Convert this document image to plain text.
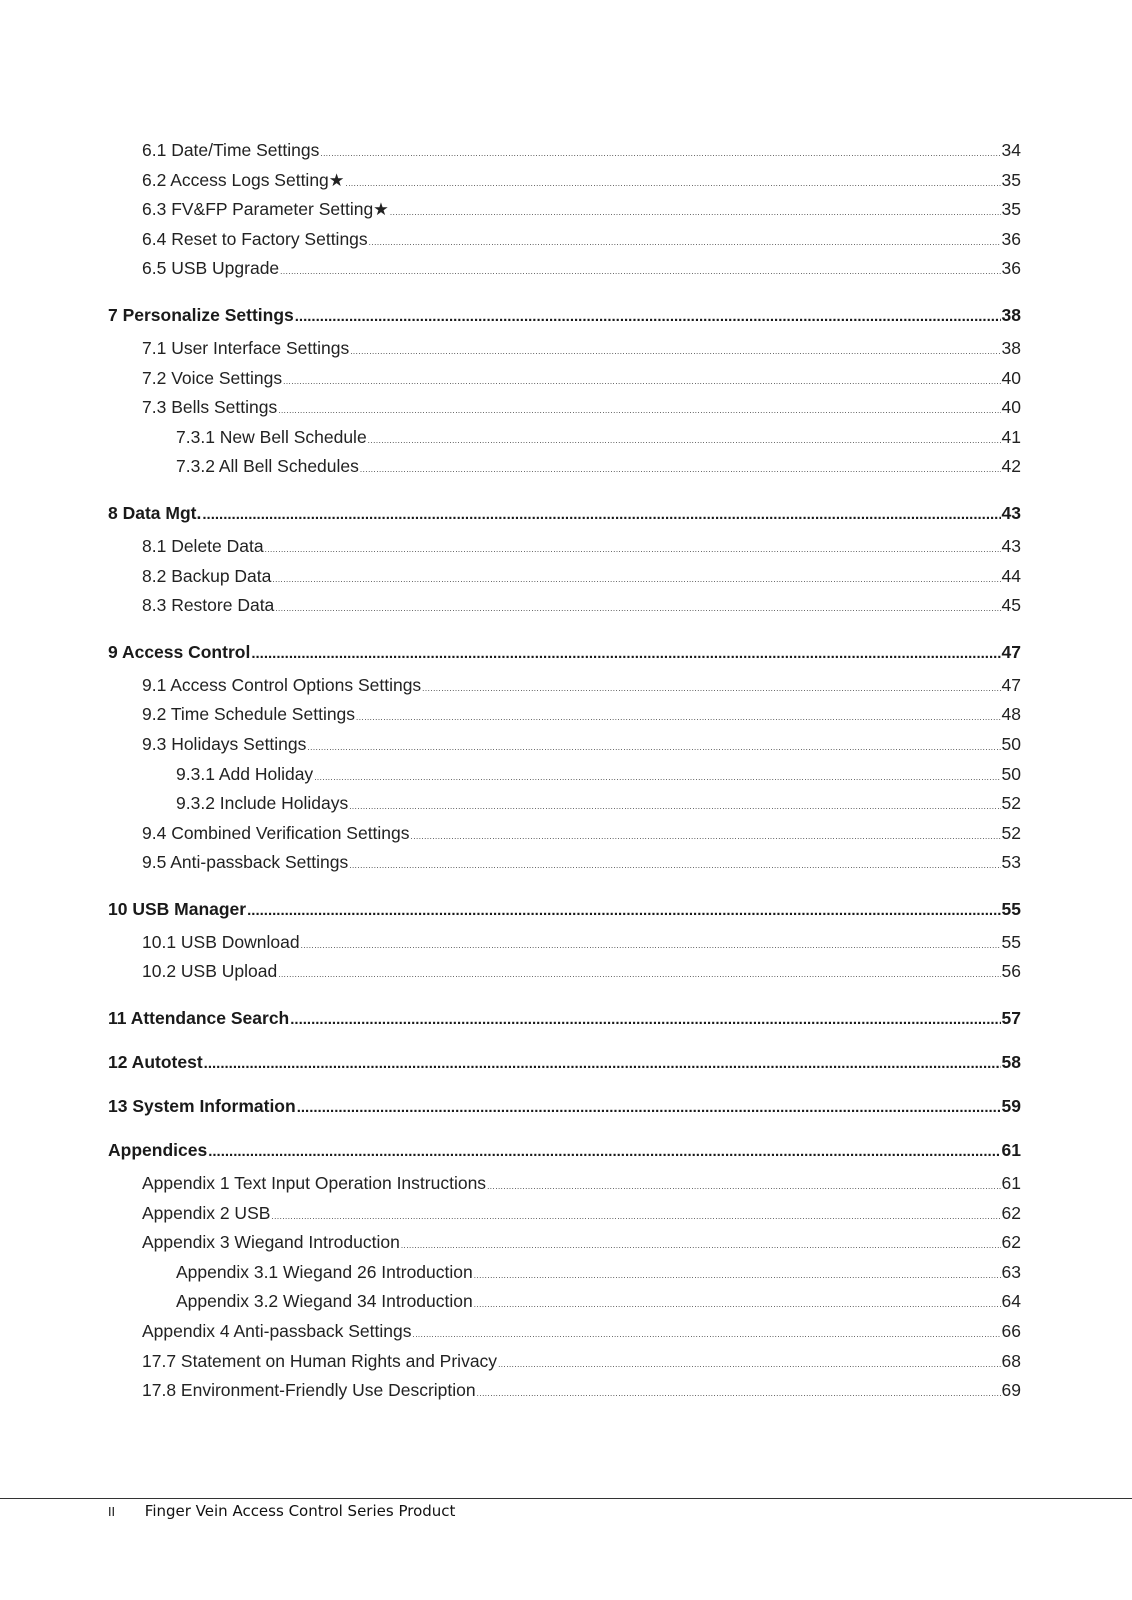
6.1 Date/Time Settings .....	34
6.2 Access Logs Setting★ .....	35
6.3 FV&FP Parameter Setting★ .....	35
6.4 Reset to Factory Settings .....	36
6.5 USB Upgrade .....	36
7 Personalize Settings .....	38
7.1 User Interface Settings .....	38
7.2 Voice Settings .....	40
7.3 Bells Settings .....	40
7.3.1 New Bell Schedule .....	41
7.3.2 All Bell Schedules .....	42
8 Data Mgt. .....	43
8.1 Delete Data .....	43
8.2 Backup Data .....	44
8.3 Restore Data .....	45
9 Access Control .....	47
9.1 Access Control Options Settings .....	47
9.2 Time Schedule Settings .....	48
9.3 Holidays Settings .....	50
9.3.1 Add Holiday .....	50
9.3.2 Include Holidays .....	52
9.4 Combined Verification Settings .....	52
9.5 Anti-passback Settings .....	53
10 USB Manager .....	55
10.1 USB Download .....	55
10.2 USB Upload .....	56
11 Attendance Search .....	57
12 Autotest .....	58
13 System Information .....	59
Appendices .....	61
Appendix 1 Text Input Operation Instructions .....	61
Appendix 2 USB .....	62
Appendix 3 Wiegand Introduction .....	62
Appendix 3.1 Wiegand 26 Introduction .....	63
Appendix 3.2 Wiegand 34 Introduction .....	64
Appendix 4 Anti-passback Settings .....	66
17.7 Statement on Human Rights and Privacy .....	68
17.8 Environment-Friendly Use Description .....	69
II Finger Vein Access Control Series Product
